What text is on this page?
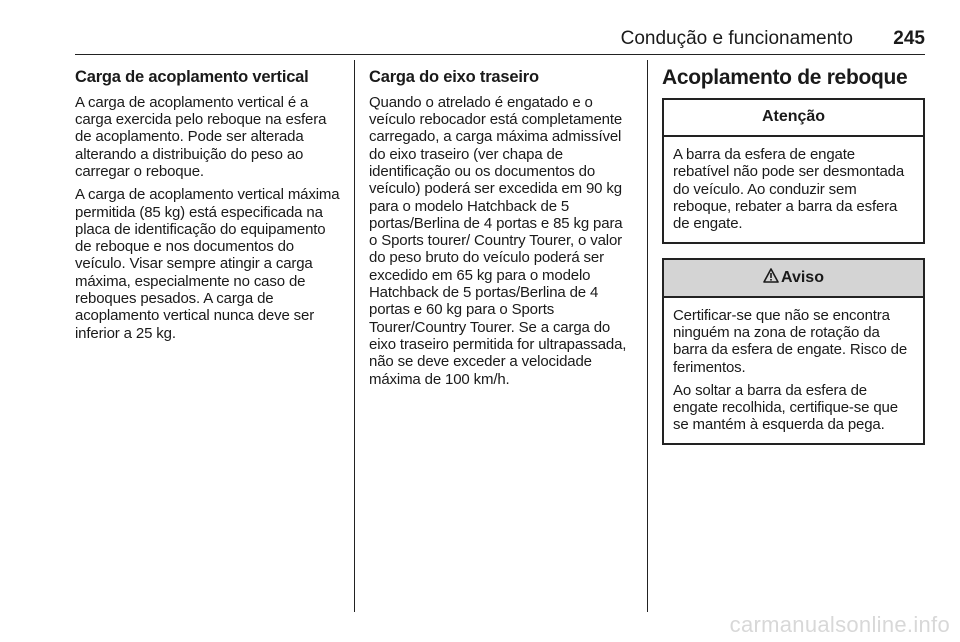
Condução e funcionamento 245
Carga de acoplamento vertical

A carga de acoplamento vertical é a carga exercida pelo reboque na esfera de acoplamento. Pode ser alterada alterando a distribuição do peso ao carregar o reboque.

A carga de acoplamento vertical máxima permitida (85 kg) está especificada na placa de identificação do equipamento de reboque e nos documentos do veículo. Visar sempre atingir a carga máxima, especialmente no caso de reboques pesados. A carga de acoplamento vertical nunca deve ser inferior a 25 kg.

Carga do eixo traseiro

Quando o atrelado é engatado e o veículo rebocador está completamente carregado, a carga máxima admissível do eixo traseiro (ver chapa de identificação ou os documentos do veículo) poderá ser excedida em 90 kg para o modelo Hatchback de 5 portas/Berlina de 4 portas e 85 kg para o Sports tourer/ Country Tourer, o valor do peso bruto do veículo poderá ser excedido em 65 kg para o modelo Hatchback de 5 portas/Berlina de 4 portas e 60 kg para o Sports Tourer/Country Tourer. Se a carga do eixo traseiro permitida for ultrapassada, não se deve exceder a velocidade máxima de 100 km/h.

Acoplamento de reboque
Atenção

A barra da esfera de engate rebatível não pode ser desmontada do veículo. Ao conduzir sem reboque, rebater a barra da esfera de engate.

Aviso

Certificar-se que não se encontra ninguém na zona de rotação da barra da esfera de engate. Risco de ferimentos.

Ao soltar a barra da esfera de engate recolhida, certifique-se que se mantém à esquerda da pega.

carmanualsonline.info
